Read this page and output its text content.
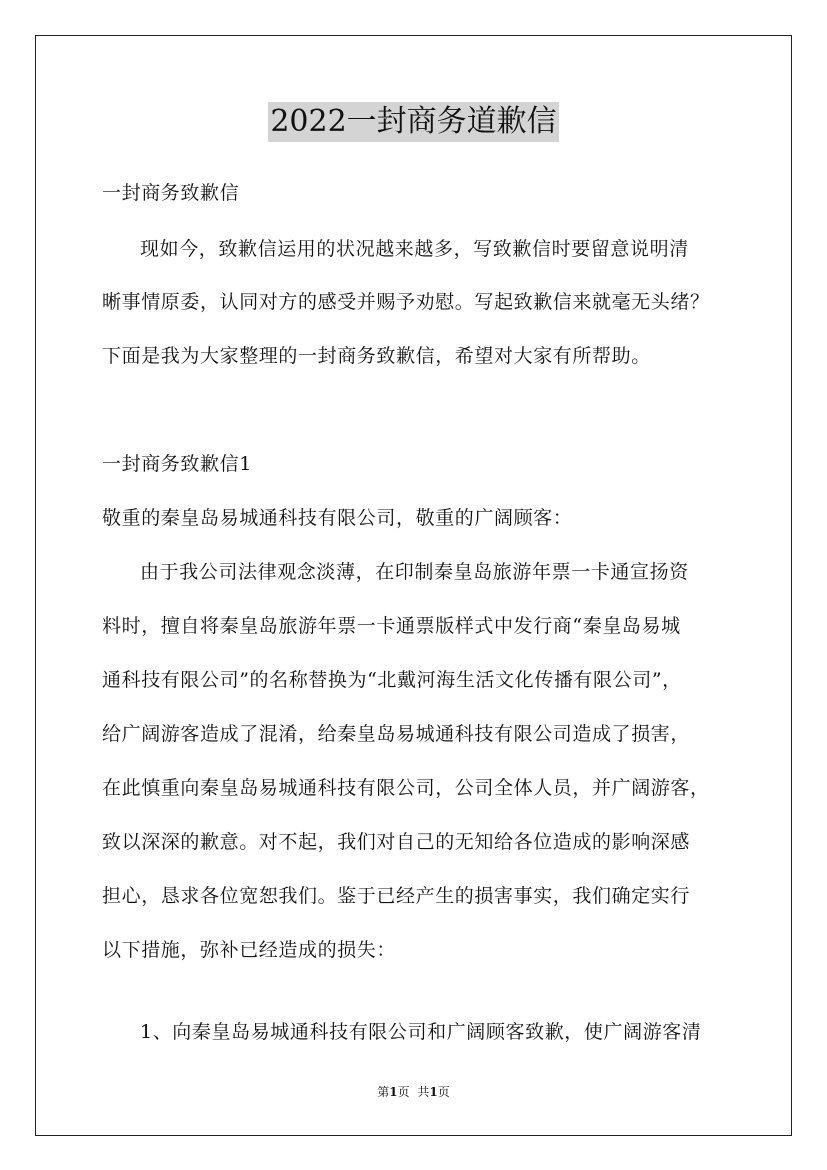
2022一封商务道歉信
一封商务致歉信
现如今，致歉信运用的状况越来越多，写致歉信时要留意说明清
晰事情原委，认同对方的感受并赐予劝慰。写起致歉信来就毫无头绪？
下面是我为大家整理的一封商务致歉信，希望对大家有所帮助。
一封商务致歉信1
敬重的秦皇岛易城通科技有限公司，敬重的广阔顾客：
由于我公司法律观念淡薄，在印制秦皇岛旅游年票一卡通宣扬资
料时，擅自将秦皇岛旅游年票一卡通票版样式中发行商“秦皇岛易城
通科技有限公司”的名称替换为“北戴河海生活文化传播有限公司”，
给广阔游客造成了混淆，给秦皇岛易城通科技有限公司造成了损害，
在此慎重向秦皇岛易城通科技有限公司，公司全体人员，并广阔游客，
致以深深的歉意。对不起，我们对自己的无知给各位造成的影响深感
担心，恳求各位宽恕我们。鉴于已经产生的损害事实，我们确定实行
以下措施，弥补已经造成的损失：
1、向秦皇岛易城通科技有限公司和广阔顾客致歉，使广阔游客清
第1页 共1页
